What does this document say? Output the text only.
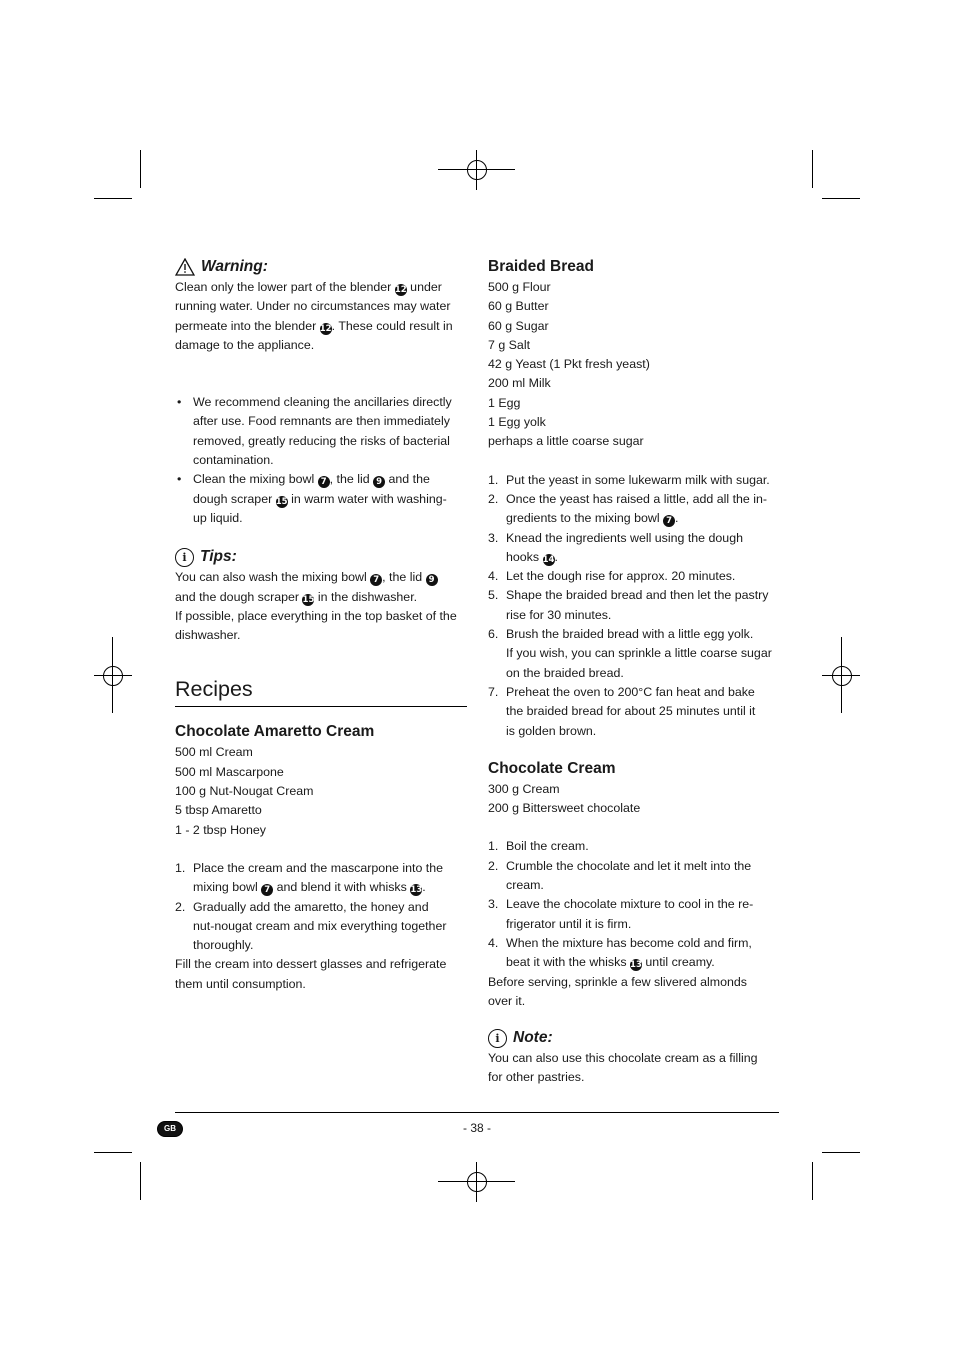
Warning:

Clean only the lower part of the blender 12 under

running water. Under no circumstances may water

permeate into the blender 12. These could result in

damage to the appliance.

• We recommend cleaning the ancillaries directly

after use. Food remnants are then immediately

removed, greatly reducing the risks of bacterial

contamination.

• Clean the mixing bowl 7 , the lid 9 and the

dough scraper 15 in warm water with washing-

up liquid.

i Tips:

You can also wash the mixing bowl 7 , the lid 9

and the dough scraper 15 in the dishwasher.

If possible, place everything in the top basket of the

dishwasher.

Recipes
Chocolate Amaretto Cream

500 ml Cream

500 ml Mascarpone

100 g Nut-Nougat Cream

5 tbsp Amaretto

1 - 2 tbsp Honey

1. Place the cream and the mascarpone into the

mixing bowl 7 and blend it with whisks 13.

2. Gradually add the amaretto, the honey and

nut-nougat cream and mix everything together

thoroughly.

Fill the cream into dessert glasses and refrigerate

them until consumption.

Braided Bread

500 g Flour

60 g Butter

60 g Sugar

7 g Salt

42 g Yeast (1 Pkt fresh yeast)

200 ml Milk

1 Egg

1 Egg yolk

perhaps a little coarse sugar

1. Put the yeast in some lukewarm milk with sugar.

2. Once the yeast has raised a little, add all the in-

gredients to the mixing bowl 7 .

3. Knead the ingredients well using the dough

hooks 14.

4. Let the dough rise for approx. 20 minutes.

5. Shape the braided bread and then let the pastry

rise for 30 minutes.

6. Brush the braided bread with a little egg yolk.

If you wish, you can sprinkle a little coarse sugar

on the braided bread.

7. Preheat the oven to 200°C fan heat and bake

the braided bread for about 25 minutes until it

is golden brown.

Chocolate Cream

300 g Cream

200 g Bittersweet chocolate

1. Boil the cream.

2. Crumble the chocolate and let it melt into the

cream.

3. Leave the chocolate mixture to cool in the re-

frigerator until it is firm.

4. When the mixture has become cold and firm,

beat it with the whisks 13 until creamy.

Before serving, sprinkle a few slivered almonds

over it.

i Note:

You can also use this chocolate cream as a filling

for other pastries.

GB	- 38 -
